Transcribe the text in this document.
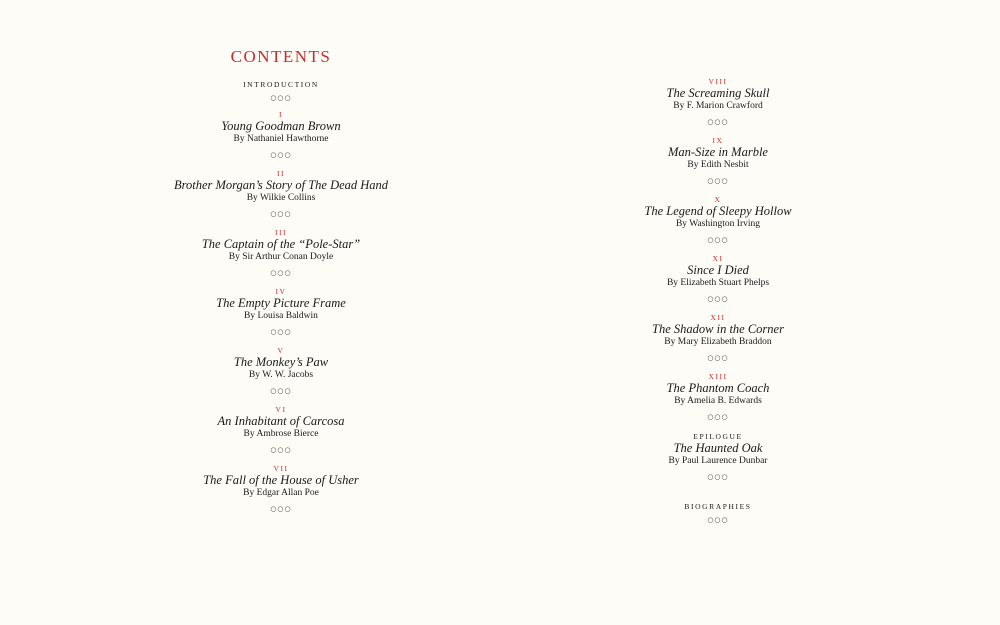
CONTENTS
INTRODUCTION
○○○
I
Young Goodman Brown
By Nathaniel Hawthorne
○○○
II
Brother Morgan’s Story of The Dead Hand
By Wilkie Collins
○○○
III
The Captain of the “Pole-Star”
By Sir Arthur Conan Doyle
○○○
IV
The Empty Picture Frame
By Louisa Baldwin
○○○
V
The Monkey’s Paw
By W. W. Jacobs
○○○
VI
An Inhabitant of Carcosa
By Ambrose Bierce
○○○
VII
The Fall of the House of Usher
By Edgar Allan Poe
○○○
VIII
The Screaming Skull
By F. Marion Crawford
○○○
IX
Man-Size in Marble
By Edith Nesbit
○○○
X
The Legend of Sleepy Hollow
By Washington Irving
○○○
XI
Since I Died
By Elizabeth Stuart Phelps
○○○
XII
The Shadow in the Corner
By Mary Elizabeth Braddon
○○○
XIII
The Phantom Coach
By Amelia B. Edwards
○○○
EPILOGUE
The Haunted Oak
By Paul Laurence Dunbar
○○○
BIOGRAPHIES
○○○
